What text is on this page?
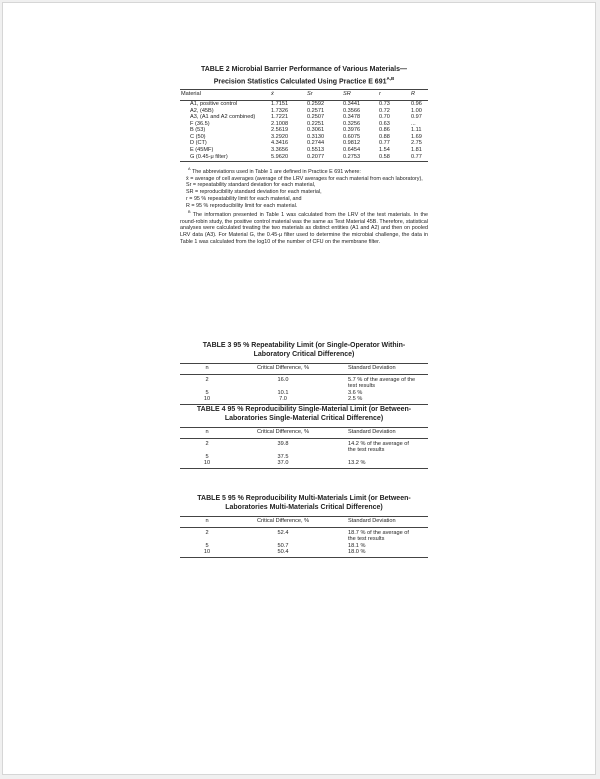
TABLE 2 Microbial Barrier Performance of Various Materials—
Precision Statistics Calculated Using Practice E $691^{A,B}$
Material	x̄	Sr	SR	r	R
A1, positive control	1.7151	0.2592	0.3441	0.73	0.96
A2, (45B)	1.7326	0.2571	0.3566	0.72	1.00
A3, (A1 and A2 combined)	1.7221	0.2507	0.3478	0.70	0.97
F (36.5)	2.1008	0.2251	0.3256	0.63	...
B (53)	2.5619	0.3061	0.3976	0.86	1.11
C (50)	3.2920	0.3130	0.6075	0.88	1.69
D (CT)	4.3416	0.2744	0.9812	0.77	2.75
E (45MF)	3.3656	0.5513	0.6454	1.54	1.81
G (0.45-μ filter)	5.9620	0.2077	0.2753	0.58	0.77

$^A$ The abbreviations used in Table 1 are defined in Practice E 691 where:

x̄ = average of cell averages (average of the LRV averages for each material from each laboratory),

Sr = repeatability standard deviation for each material,

SR = reproducibility standard deviation for each material,

r = 95 % repeatability limit for each material, and

R = 95 % reproducibility limit for each material.

$^B$ The information presented in Table 1 was calculated from the LRV of the test materials. In the round-robin study, the positive control material was the same as Test Material 45B. Therefore, statistical analyses were calculated treating the two materials as distinct entities (A1 and A2) and then on pooled LRV data (A3). For Material G, the 0.45-μ filter used to determine the microbial challenge, the data in Table 1 was calculated from the log10 of the number of CFU on the membrane filter.

TABLE 3 95 % Repeatability Limit (or Single-Operator Within-Laboratory Critical Difference)
n	Critical Difference, %	Standard Deviation
2	16.0	5.7 % of the average of the test results
5	10.1	3.6 %
10	7.0	2.5 %
TABLE 4 95 % Reproducibility Single-Material Limit (or Between-Laboratories Single-Material Critical Difference)
n	Critical Difference, %	Standard Deviation
2	39.8	14.2 % of the average of the test results
5	37.5	
10	37.0	13.2 %
TABLE 5 95 % Reproducibility Multi-Materials Limit (or Between-Laboratories Multi-Materials Critical Difference)
n	Critical Difference, %	Standard Deviation
2	52.4	18.7 % of the average of the test results
5	50.7	18.1 %
10	50.4	18.0 %
